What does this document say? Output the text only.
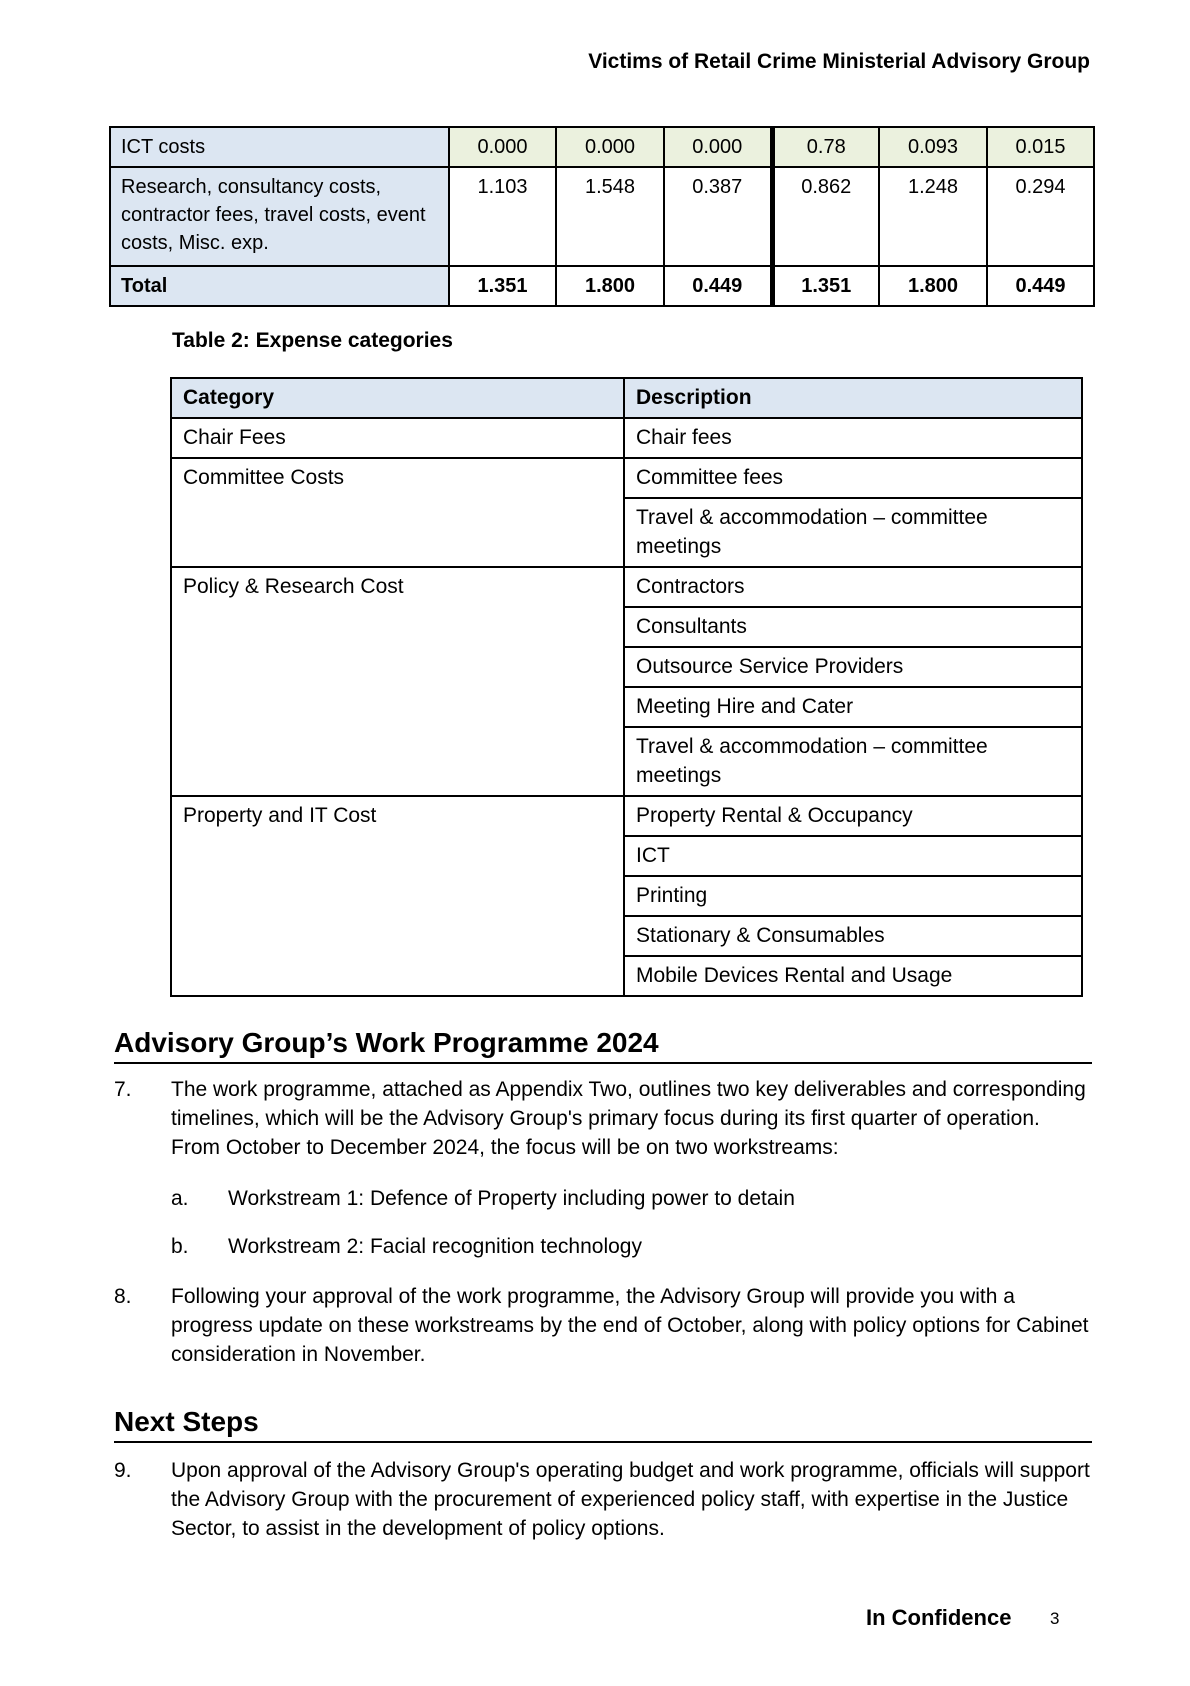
Victims of Retail Crime Ministerial Advisory Group
ICT costs	0.000	0.000	0.000	0.78	0.093	0.015
Research, consultancy costs, contractor fees, travel costs, event costs, Misc. exp.	1.103	1.548	0.387	0.862	1.248	0.294
Total	1.351	1.800	0.449	1.351	1.800	0.449
Table 2: Expense categories
Category	Description
Chair Fees	Chair fees
Committee Costs	Committee fees
	Travel & accommodation – committee meetings
Policy & Research Cost	Contractors
	Consultants
	Outsource Service Providers
	Meeting Hire and Cater
	Travel & accommodation – committee meetings
Property and IT Cost	Property Rental & Occupancy
	ICT
	Printing
	Stationary & Consumables
	Mobile Devices Rental and Usage
Advisory Group’s Work Programme 2024
7. The work programme, attached as Appendix Two, outlines two key deliverables and corresponding timelines, which will be the Advisory Group's primary focus during its first quarter of operation. From October to December 2024, the focus will be on two workstreams:
a. Workstream 1: Defence of Property including power to detain
b. Workstream 2: Facial recognition technology
8. Following your approval of the work programme, the Advisory Group will provide you with a progress update on these workstreams by the end of October, along with policy options for Cabinet consideration in November.
Next Steps
9. Upon approval of the Advisory Group's operating budget and work programme, officials will support the Advisory Group with the procurement of experienced policy staff, with expertise in the Justice Sector, to assist in the development of policy options.
In Confidence 3
